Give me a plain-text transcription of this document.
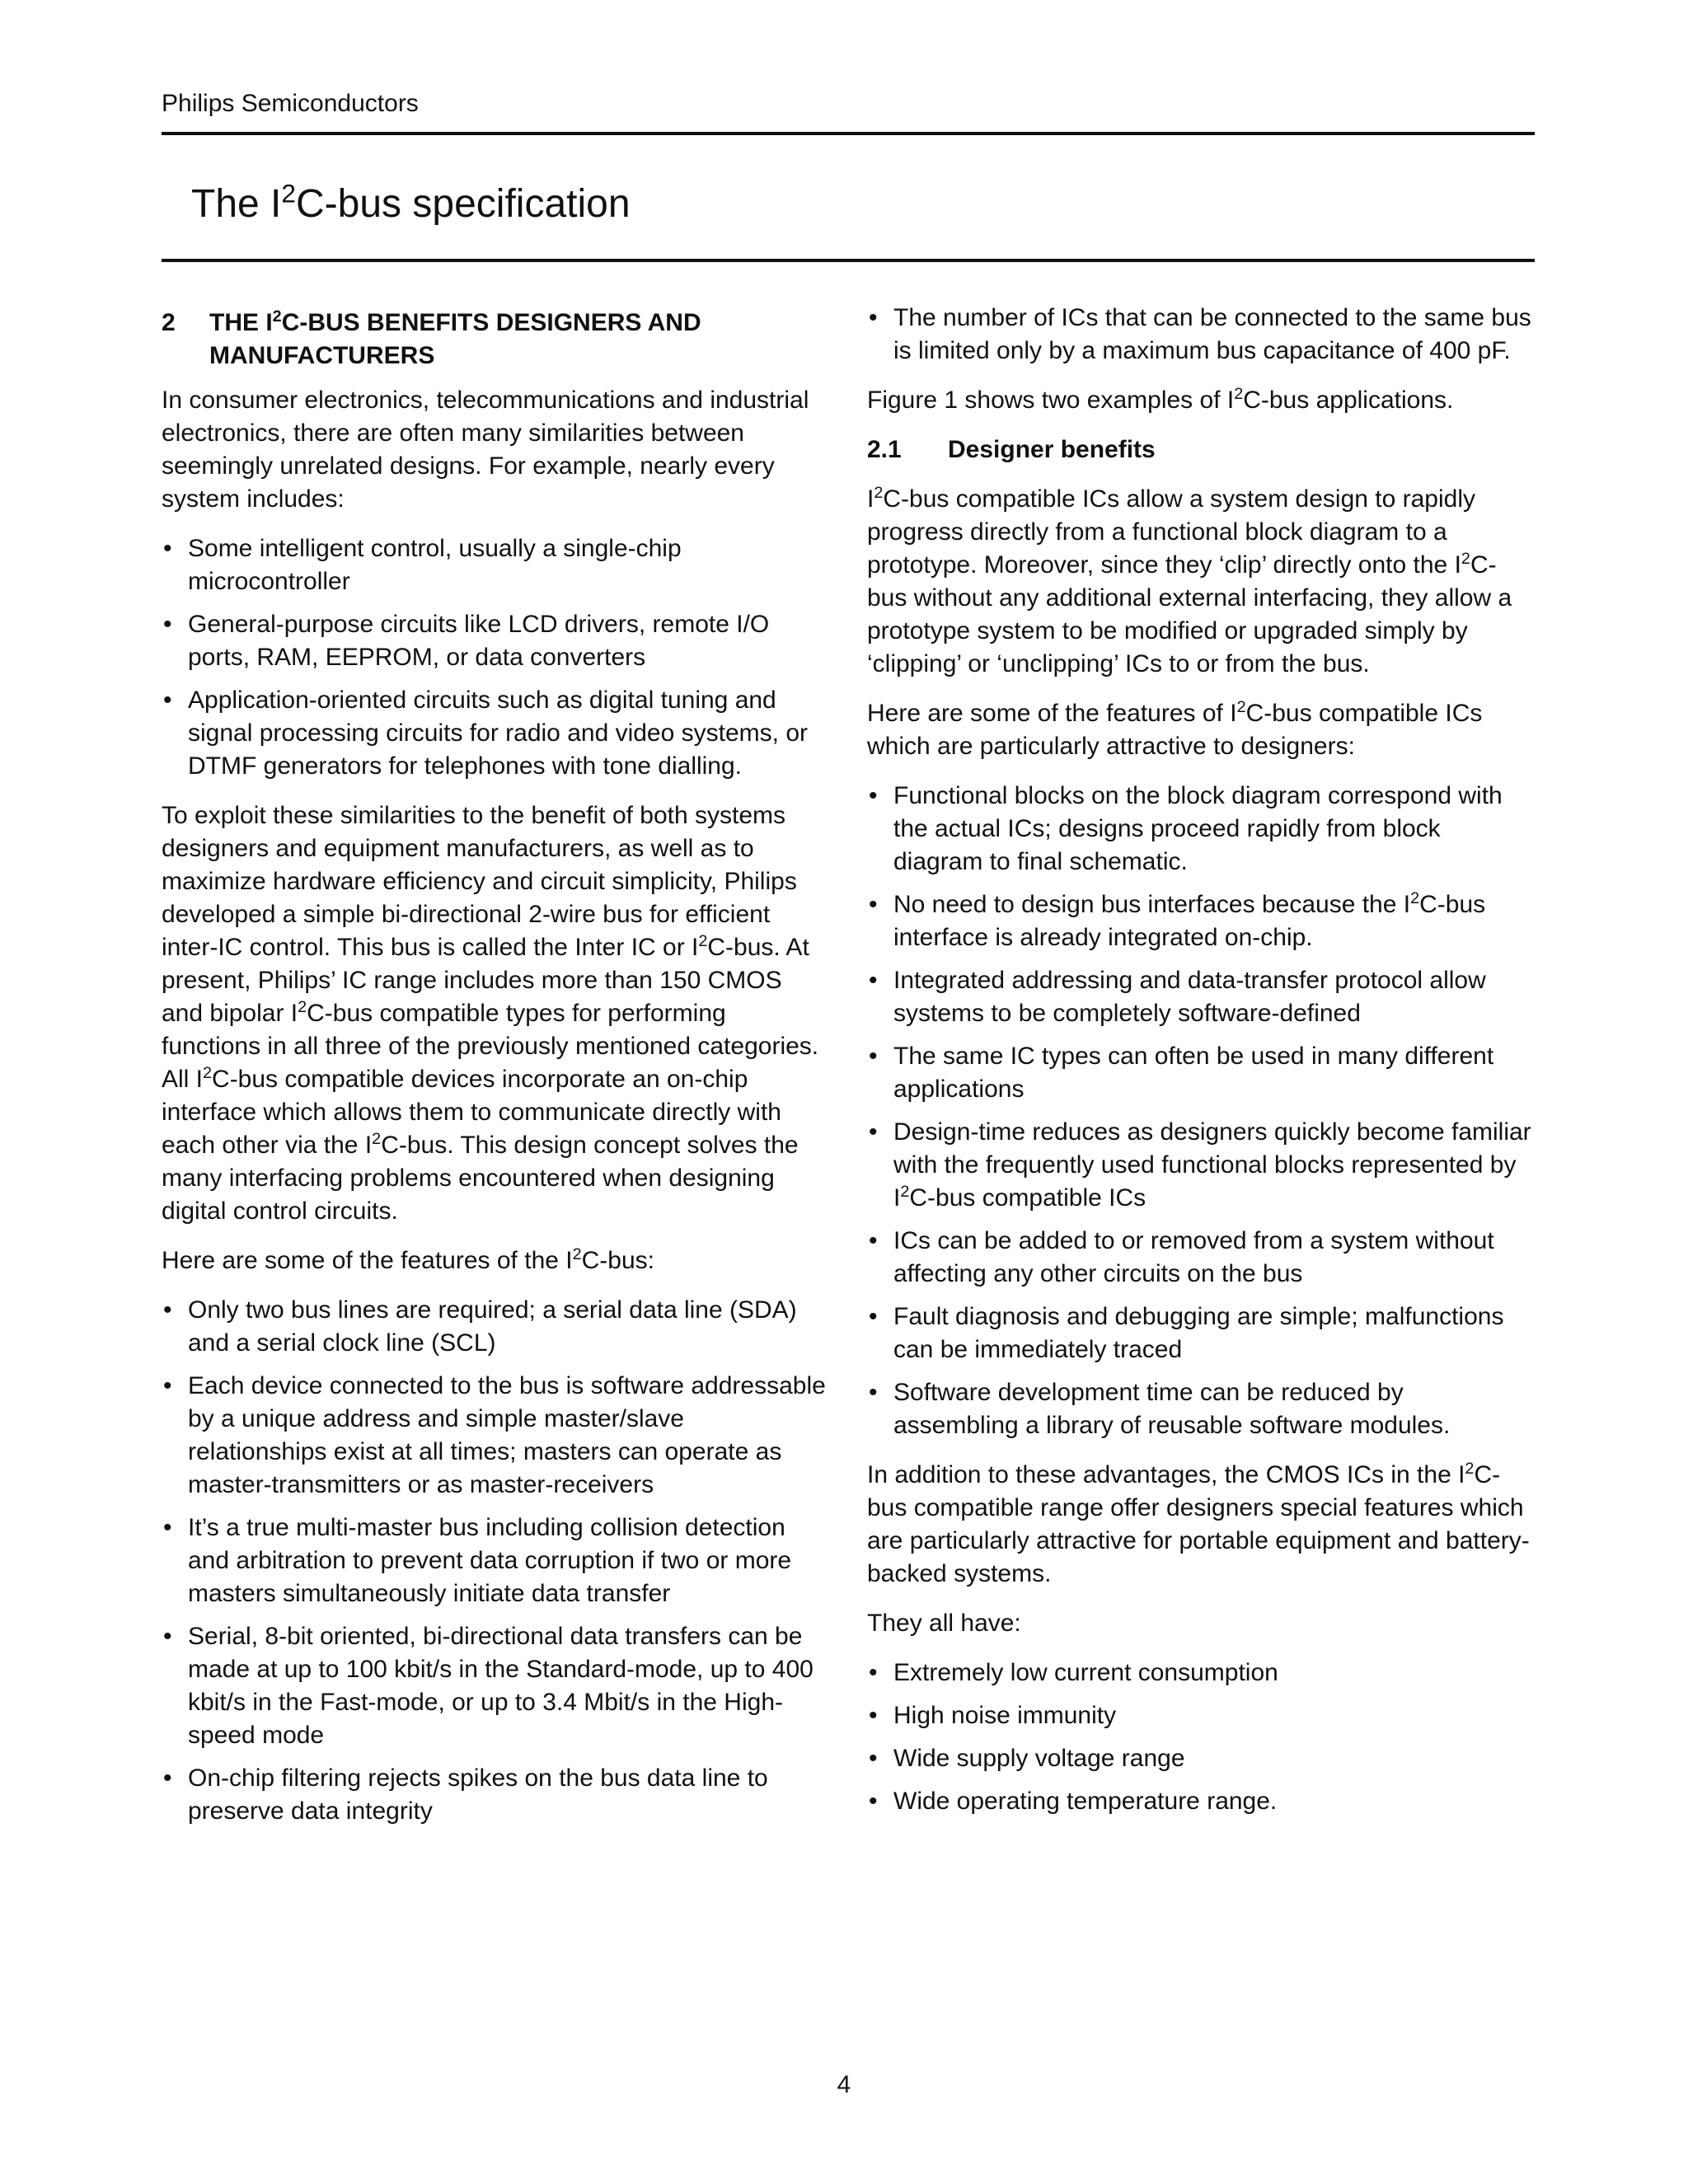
Philips Semiconductors
The $I^2C$-bus specification
2	THE $I^2C$-BUS BENEFITS DESIGNERS AND MANUFACTURERS

In consumer electronics, telecommunications and industrial electronics, there are often many similarities between seemingly unrelated designs. For example, nearly every system includes:

• Some intelligent control, usually a single-chip microcontroller
• General-purpose circuits like LCD drivers, remote I/O ports, RAM, EEPROM, or data converters
• Application-oriented circuits such as digital tuning and signal processing circuits for radio and video systems, or DTMF generators for telephones with tone dialling.

To exploit these similarities to the benefit of both systems designers and equipment manufacturers, as well as to maximize hardware efficiency and circuit simplicity, Philips developed a simple bi-directional 2-wire bus for efficient inter-IC control. This bus is called the Inter IC or $I^2C$-bus. At present, Philips’ IC range includes more than 150 CMOS and bipolar $I^2C$-bus compatible types for performing functions in all three of the previously mentioned categories. All $I^2C$-bus compatible devices incorporate an on-chip interface which allows them to communicate directly with each other via the $I^2C$-bus. This design concept solves the many interfacing problems encountered when designing digital control circuits.

Here are some of the features of the $I^2C$-bus:

• Only two bus lines are required; a serial data line (SDA) and a serial clock line (SCL)
• Each device connected to the bus is software addressable by a unique address and simple master/slave relationships exist at all times; masters can operate as master-transmitters or as master-receivers
• It’s a true multi-master bus including collision detection and arbitration to prevent data corruption if two or more masters simultaneously initiate data transfer
• Serial, 8-bit oriented, bi-directional data transfers can be made at up to 100 kbit/s in the Standard-mode, up to 400 kbit/s in the Fast-mode, or up to 3.4 Mbit/s in the High-speed mode
• On-chip filtering rejects spikes on the bus data line to preserve data integrity
• The number of ICs that can be connected to the same bus is limited only by a maximum bus capacitance of 400 pF.

Figure 1 shows two examples of $I^2C$-bus applications.

2.1	Designer benefits

$I^2C$-bus compatible ICs allow a system design to rapidly progress directly from a functional block diagram to a prototype. Moreover, since they ‘clip’ directly onto the $I^2C$-bus without any additional external interfacing, they allow a prototype system to be modified or upgraded simply by ‘clipping’ or ‘unclipping’ ICs to or from the bus.

Here are some of the features of $I^2C$-bus compatible ICs which are particularly attractive to designers:

• Functional blocks on the block diagram correspond with the actual ICs; designs proceed rapidly from block diagram to final schematic.
• No need to design bus interfaces because the $I^2C$-bus interface is already integrated on-chip.
• Integrated addressing and data-transfer protocol allow systems to be completely software-defined
• The same IC types can often be used in many different applications
• Design-time reduces as designers quickly become familiar with the frequently used functional blocks represented by $I^2C$-bus compatible ICs
• ICs can be added to or removed from a system without affecting any other circuits on the bus
• Fault diagnosis and debugging are simple; malfunctions can be immediately traced
• Software development time can be reduced by assembling a library of reusable software modules.

In addition to these advantages, the CMOS ICs in the $I^2C$-bus compatible range offer designers special features which are particularly attractive for portable equipment and battery-backed systems.

They all have:

• Extremely low current consumption
• High noise immunity
• Wide supply voltage range
• Wide operating temperature range.
4
